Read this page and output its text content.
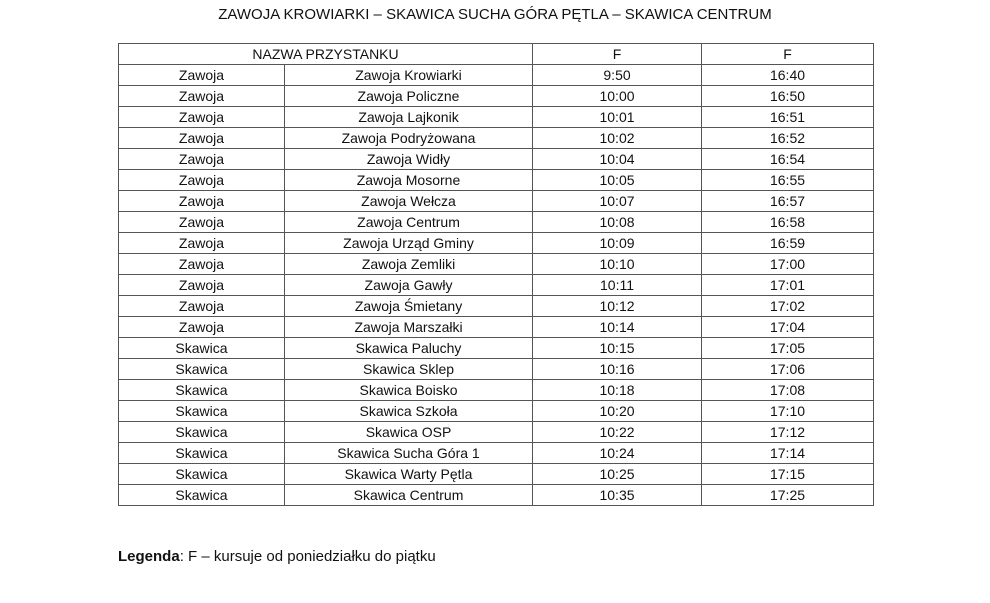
ZAWOJA KROWIARKI – SKAWICA SUCHA GÓRA PĘTLA – SKAWICA CENTRUM
NAZWA PRZYSTANKU		F	F
Zawoja	Zawoja Krowiarki	9:50	16:40
Zawoja	Zawoja Policzne	10:00	16:50
Zawoja	Zawoja Lajkonik	10:01	16:51
Zawoja	Zawoja Podryżowana	10:02	16:52
Zawoja	Zawoja Widły	10:04	16:54
Zawoja	Zawoja Mosorne	10:05	16:55
Zawoja	Zawoja Wełcza	10:07	16:57
Zawoja	Zawoja Centrum	10:08	16:58
Zawoja	Zawoja Urząd Gminy	10:09	16:59
Zawoja	Zawoja Zemliki	10:10	17:00
Zawoja	Zawoja Gawły	10:11	17:01
Zawoja	Zawoja Śmietany	10:12	17:02
Zawoja	Zawoja Marszałki	10:14	17:04
Skawica	Skawica Paluchy	10:15	17:05
Skawica	Skawica Sklep	10:16	17:06
Skawica	Skawica Boisko	10:18	17:08
Skawica	Skawica Szkoła	10:20	17:10
Skawica	Skawica OSP	10:22	17:12
Skawica	Skawica Sucha Góra 1	10:24	17:14
Skawica	Skawica Warty Pętla	10:25	17:15
Skawica	Skawica Centrum	10:35	17:25
Legenda: F – kursuje od poniedziałku do piątku
